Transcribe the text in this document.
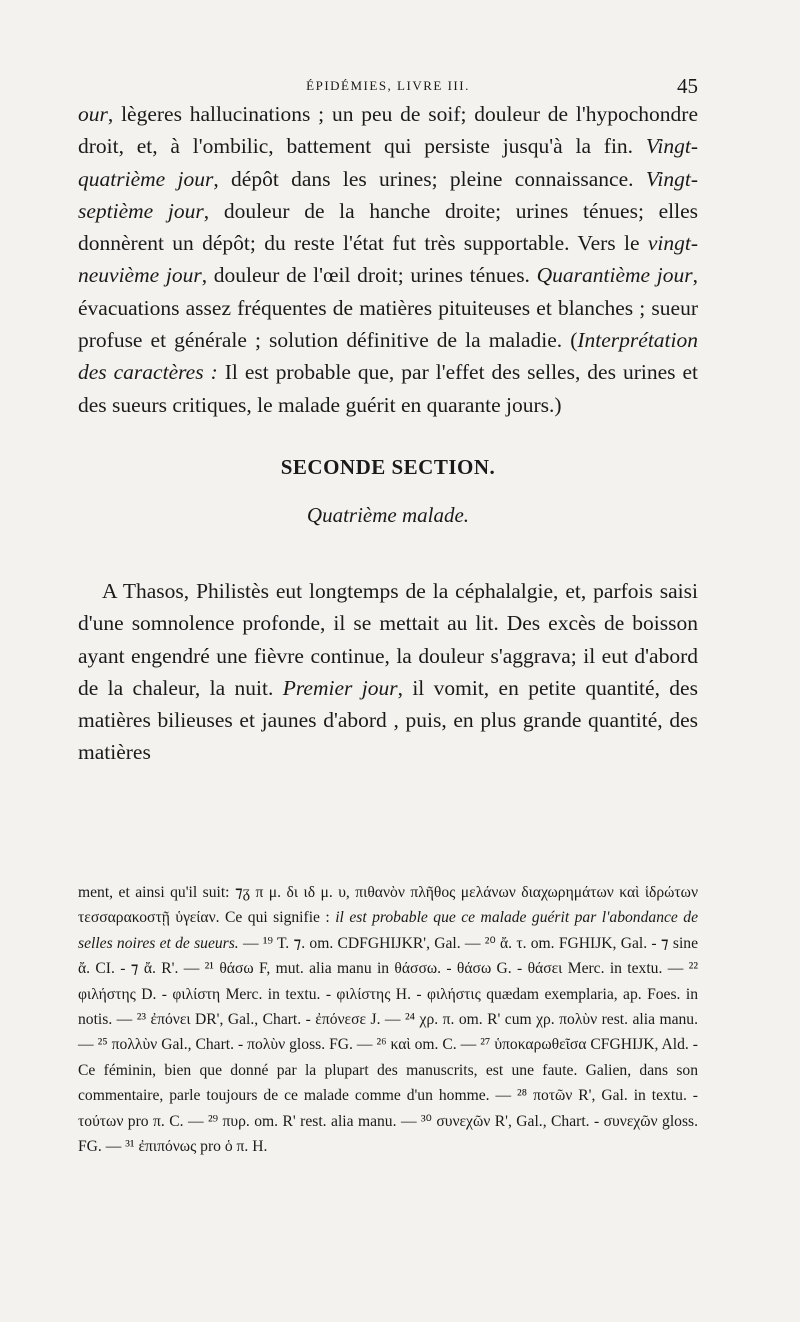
ÉPIDÉMIES, LIVRE III.	45

our, lègeres hallucinations ; un peu de soif; douleur de l'hypochondre droit, et, à l'ombilic, battement qui persiste jusqu'à la fin. Vingt-quatrième jour, dépôt dans les urines; pleine connaissance. Vingt-septième jour, douleur de la hanche droite; urines ténues; elles donnèrent un dépôt; du reste l'état fut très supportable. Vers le vingt-neuvième jour, douleur de l'œil droit; urines ténues. Quarantième jour, évacuations assez fréquentes de matières pituiteuses et blanches ; sueur profuse et générale ; solution définitive de la maladie. (Interprétation des caractères : Il est probable que, par l'effet des selles, des urines et des sueurs critiques, le malade guérit en quarante jours.)

SECONDE SECTION.
Quatrième malade.

A Thasos, Philistès eut longtemps de la céphalalgie, et, parfois saisi d'une somnolence profonde, il se mettait au lit. Des excès de boisson ayant engendré une fièvre continue, la douleur s'aggrava; il eut d'abord de la chaleur, la nuit. Premier jour, il vomit, en petite quantité, des matières bilieuses et jaunes d'abord , puis, en plus grande quantité, des matières

ment, et ainsi qu'il suit: ⁊ᵹ π μ. δι ιδ μ. υ, πιθανὸν πλῆθος μελάνων διαχωρημάτων καὶ ἱδρώτων τεσσαρακοστῇ ὑγείαν. Ce qui signifie : il est probable que ce malade guérit par l'abondance de selles noires et de sueurs. — ¹⁹ T. ⁊. om. CDFGHIJKR', Gal. — ²⁰ ἄ. τ. om. FGHIJK, Gal. - ⁊ sine ἄ. CI. - ⁊ ἄ. R'. — ²¹ θάσω F, mut. alia manu in θάσσω. - θάσω G. - θάσει Merc. in textu. — ²² φιλήστης D. - φιλίστη Merc. in textu. - φιλίστης H. - φιλήστις quædam exemplaria, ap. Foes. in notis. — ²³ ἐπόνει DR', Gal., Chart. - ἐπόνεσε J. — ²⁴ χρ. π. om. R' cum χρ. πολὺν rest. alia manu. — ²⁵ πολλὺν Gal., Chart. - πολὺν gloss. FG. — ²⁶ καὶ om. C. — ²⁷ ὑποκαρωθεῖσα CFGHIJK, Ald. - Ce féminin, bien que donné par la plupart des manuscrits, est une faute. Galien, dans son commentaire, parle toujours de ce malade comme d'un homme. — ²⁸ ποτῶν R', Gal. in textu. - τούτων pro π. C. — ²⁹ πυρ. om. R' rest. alia manu. — ³⁰ συνεχῶν R', Gal., Chart. - συνεχῶν gloss. FG. — ³¹ ἐπιπόνως pro ὁ π. H.
